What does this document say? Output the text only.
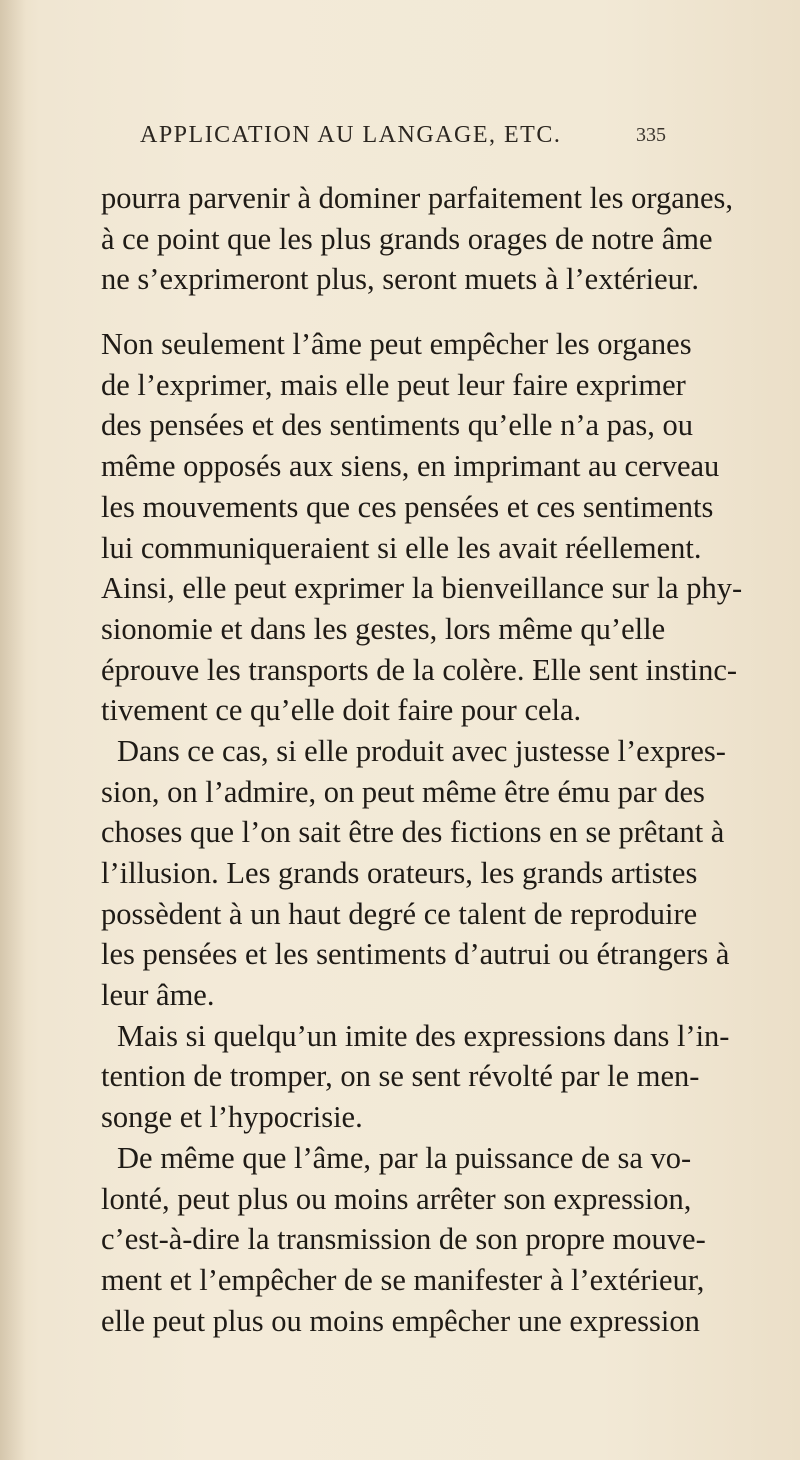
APPLICATION AU LANGAGE, ETC.	335
pourra parvenir à dominer parfaitement les organes,
à ce point que les plus grands orages de notre âme
ne s’exprimeront plus, seront muets à l’extérieur.
Non seulement l’âme peut empêcher les organes
de l’exprimer, mais elle peut leur faire exprimer
des pensées et des sentiments qu’elle n’a pas, ou
même opposés aux siens, en imprimant au cerveau
les mouvements que ces pensées et ces sentiments
lui communiqueraient si elle les avait réellement.
Ainsi, elle peut exprimer la bienveillance sur la phy-
sionomie et dans les gestes, lors même qu’elle
éprouve les transports de la colère. Elle sent instinc-
tivement ce qu’elle doit faire pour cela.
Dans ce cas, si elle produit avec justesse l’expres-
sion, on l’admire, on peut même être ému par des
choses que l’on sait être des fictions en se prêtant à
l’illusion. Les grands orateurs, les grands artistes
possèdent à un haut degré ce talent de reproduire
les pensées et les sentiments d’autrui ou étrangers à
leur âme.
Mais si quelqu’un imite des expressions dans l’in-
tention de tromper, on se sent révolté par le men-
songe et l’hypocrisie.
De même que l’âme, par la puissance de sa vo-
lonté, peut plus ou moins arrêter son expression,
c’est-à-dire la transmission de son propre mouve-
ment et l’empêcher de se manifester à l’extérieur,
elle peut plus ou moins empêcher une expression
